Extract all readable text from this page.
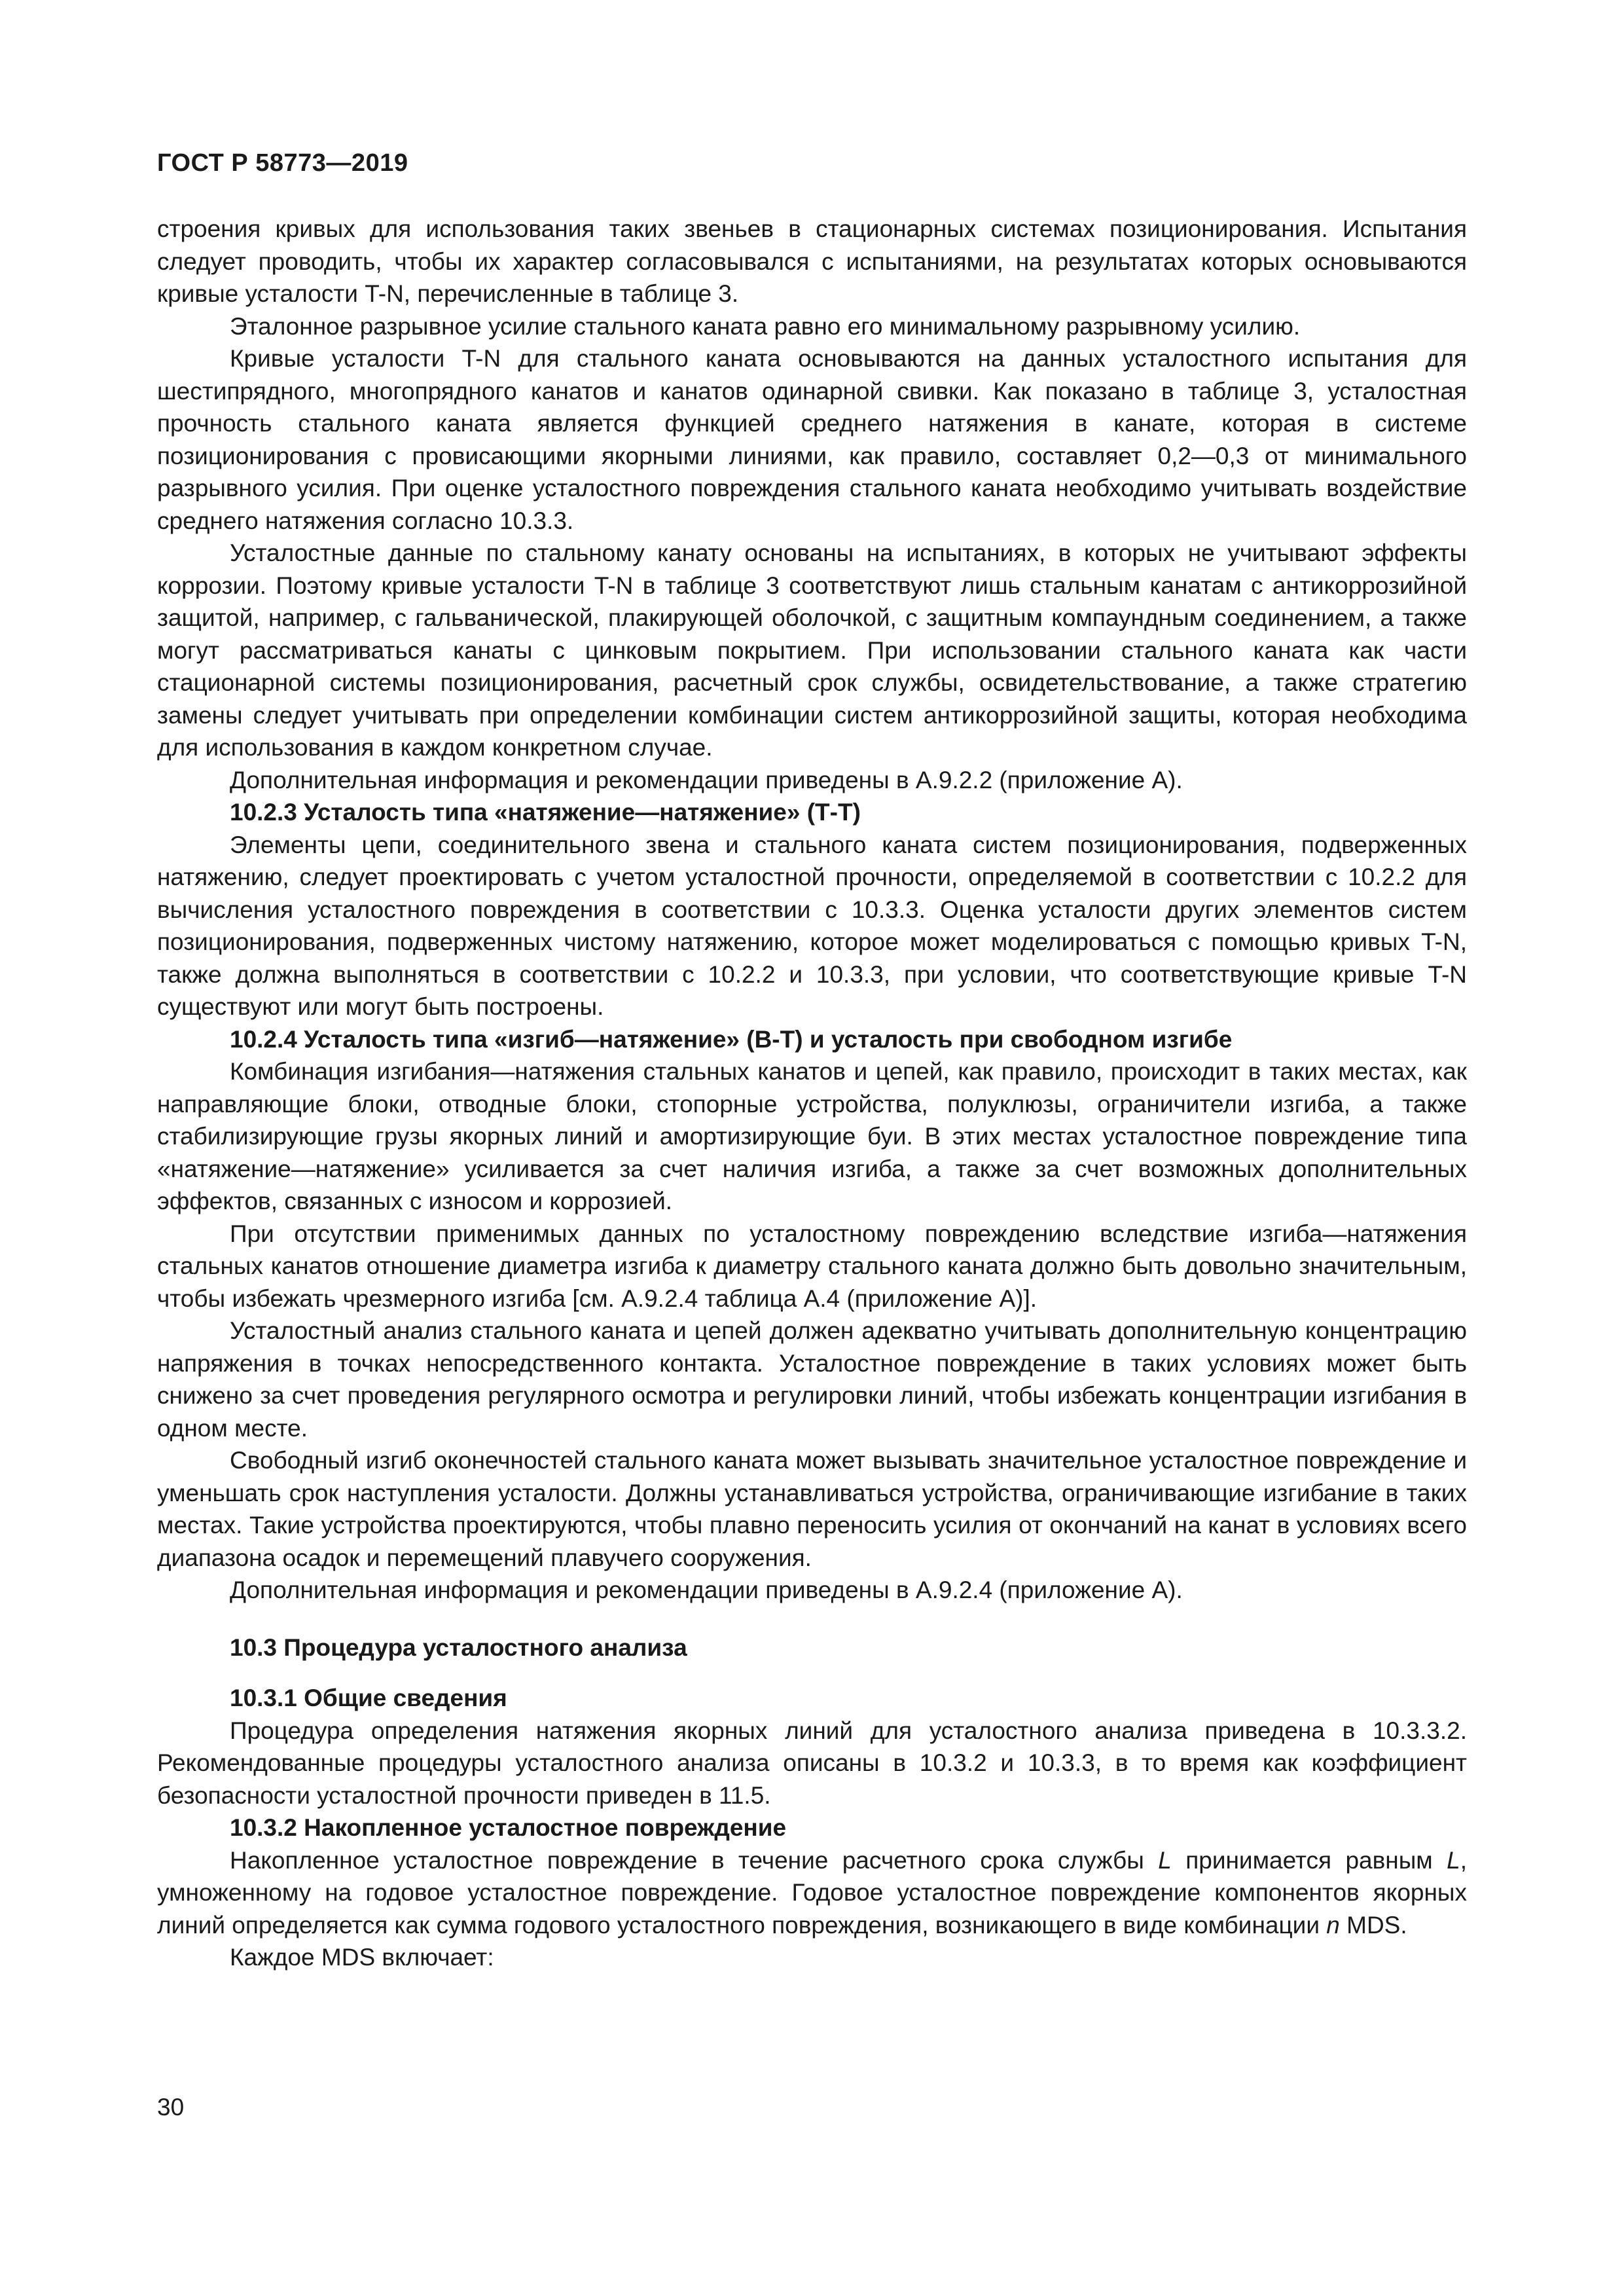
ГОСТ Р 58773—2019

строения кривых для использования таких звеньев в стационарных системах позиционирования. Испытания следует проводить, чтобы их характер согласовывался с испытаниями, на результатах которых основываются кривые усталости T-N, перечисленные в таблице 3.

Эталонное разрывное усилие стального каната равно его минимальному разрывному усилию.

Кривые усталости T-N для стального каната основываются на данных усталостного испытания для шестипрядного, многопрядного канатов и канатов одинарной свивки. Как показано в таблице 3, усталостная прочность стального каната является функцией среднего натяжения в канате, которая в системе позиционирования с провисающими якорными линиями, как правило, составляет 0,2—0,3 от минимального разрывного усилия. При оценке усталостного повреждения стального каната необходимо учитывать воздействие среднего натяжения согласно 10.3.3.

Усталостные данные по стальному канату основаны на испытаниях, в которых не учитывают эффекты коррозии. Поэтому кривые усталости T-N в таблице 3 соответствуют лишь стальным канатам с антикоррозийной защитой, например, с гальванической, плакирующей оболочкой, с защитным компаундным соединением, а также могут рассматриваться канаты с цинковым покрытием. При использовании стального каната как части стационарной системы позиционирования, расчетный срок службы, освидетельствование, а также стратегию замены следует учитывать при определении комбинации систем антикоррозийной защиты, которая необходима для использования в каждом конкретном случае.

Дополнительная информация и рекомендации приведены в А.9.2.2 (приложение А).

10.2.3 Усталость типа «натяжение—натяжение» (Т-Т)

Элементы цепи, соединительного звена и стального каната систем позиционирования, подверженных натяжению, следует проектировать с учетом усталостной прочности, определяемой в соответствии с 10.2.2 для вычисления усталостного повреждения в соответствии с 10.3.3. Оценка усталости других элементов систем позиционирования, подверженных чистому натяжению, которое может моделироваться с помощью кривых T-N, также должна выполняться в соответствии с 10.2.2 и 10.3.3, при условии, что соответствующие кривые T-N существуют или могут быть построены.

10.2.4 Усталость типа «изгиб—натяжение» (В-Т) и усталость при свободном изгибе

Комбинация изгибания—натяжения стальных канатов и цепей, как правило, происходит в таких местах, как направляющие блоки, отводные блоки, стопорные устройства, полуклюзы, ограничители изгиба, а также стабилизирующие грузы якорных линий и амортизирующие буи. В этих местах усталостное повреждение типа «натяжение—натяжение» усиливается за счет наличия изгиба, а также за счет возможных дополнительных эффектов, связанных с износом и коррозией.

При отсутствии применимых данных по усталостному повреждению вследствие изгиба—натяжения стальных канатов отношение диаметра изгиба к диаметру стального каната должно быть довольно значительным, чтобы избежать чрезмерного изгиба [см. А.9.2.4 таблица А.4 (приложение А)].

Усталостный анализ стального каната и цепей должен адекватно учитывать дополнительную концентрацию напряжения в точках непосредственного контакта. Усталостное повреждение в таких условиях может быть снижено за счет проведения регулярного осмотра и регулировки линий, чтобы избежать концентрации изгибания в одном месте.

Свободный изгиб оконечностей стального каната может вызывать значительное усталостное повреждение и уменьшать срок наступления усталости. Должны устанавливаться устройства, ограничивающие изгибание в таких местах. Такие устройства проектируются, чтобы плавно переносить усилия от окончаний на канат в условиях всего диапазона осадок и перемещений плавучего сооружения.

Дополнительная информация и рекомендации приведены в А.9.2.4 (приложение А).

10.3 Процедура усталостного анализа

10.3.1 Общие сведения

Процедура определения натяжения якорных линий для усталостного анализа приведена в 10.3.3.2. Рекомендованные процедуры усталостного анализа описаны в 10.3.2 и 10.3.3, в то время как коэффициент безопасности усталостной прочности приведен в 11.5.

10.3.2 Накопленное усталостное повреждение

Накопленное усталостное повреждение в течение расчетного срока службы L принимается равным L, умноженному на годовое усталостное повреждение. Годовое усталостное повреждение компонентов якорных линий определяется как сумма годового усталостного повреждения, возникающего в виде комбинации n MDS.

Каждое MDS включает:

30
